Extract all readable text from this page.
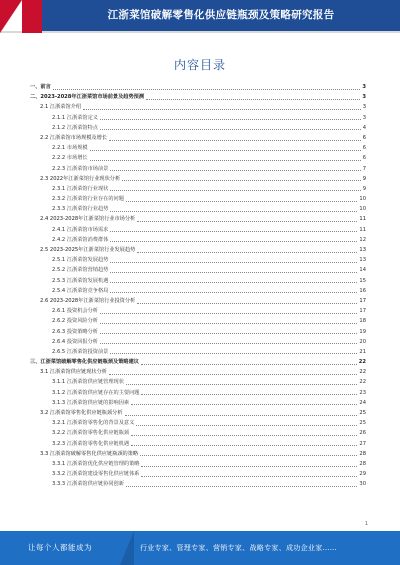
江浙菜馆破解零售化供应链瓶颈及策略研究报告
内容目录
一、前言	3
二、2023-2028年江浙菜馆市场前景及趋势预测	3
2.1 江浙菜馆介绍	3
2.1.1 江浙菜馆定义	3
2.1.2 江浙菜馆特点	4
2.2 江浙菜馆市场规模及增长	6
2.2.1 市场规模	6
2.2.2 市场增长	6
2.2.3 江浙菜馆市场前景	7
2.3 2022年江浙菜馆行业现状分析	9
2.3.1 江浙菜馆行业现状	9
2.3.2 江浙菜馆行业存在的问题	10
2.3.3 江浙菜馆行业趋势	10
2.4 2023-2028年江浙菜馆行业市场分析	11
2.4.1 江浙菜馆市场需求	11
2.4.2 江浙菜馆消费群体	12
2.5 2023-2025年江浙菜馆行业发展趋势	13
2.5.1 江浙菜馆发展趋势	13
2.5.2 江浙菜馆营销趋势	14
2.5.3 江浙菜馆发展机遇	15
2.5.4 江浙菜馆竞争格局	16
2.6 2023-2028年江浙菜馆行业投资分析	17
2.6.1 投资机会分析	17
2.6.2 投资风险分析	18
2.6.3 投资策略分析	19
2.6.4 投资回报分析	20
2.6.5 江浙菜馆投资前景	21
三、江浙菜馆破解零售化供应链瓶颈及策略建议	22
3.1 江浙菜馆供应链现状分析	22
3.1.1 江浙菜馆供应链管理现状	22
3.1.2 江浙菜馆供应链存在的主要问题	23
3.1.3 江浙菜馆供应链的影响因素	24
3.2 江浙菜馆零售化供应链瓶颈分析	25
3.2.1 江浙菜馆零售化的背景及意义	25
3.2.2 江浙菜馆零售化供应链瓶颈	26
3.2.3 江浙菜馆零售化供应链机遇	27
3.3 江浙菜馆破解零售化供应链瓶颈的策略	28
3.3.1 江浙菜馆优化供应链管理的策略	28
3.3.2 江浙菜馆建设零售化供应链体系	29
3.3.3 江浙菜馆供应链协同创新	30
1
让每个人都能成为	行业专家、管理专家、营销专家、战略专家、成功企业家……
